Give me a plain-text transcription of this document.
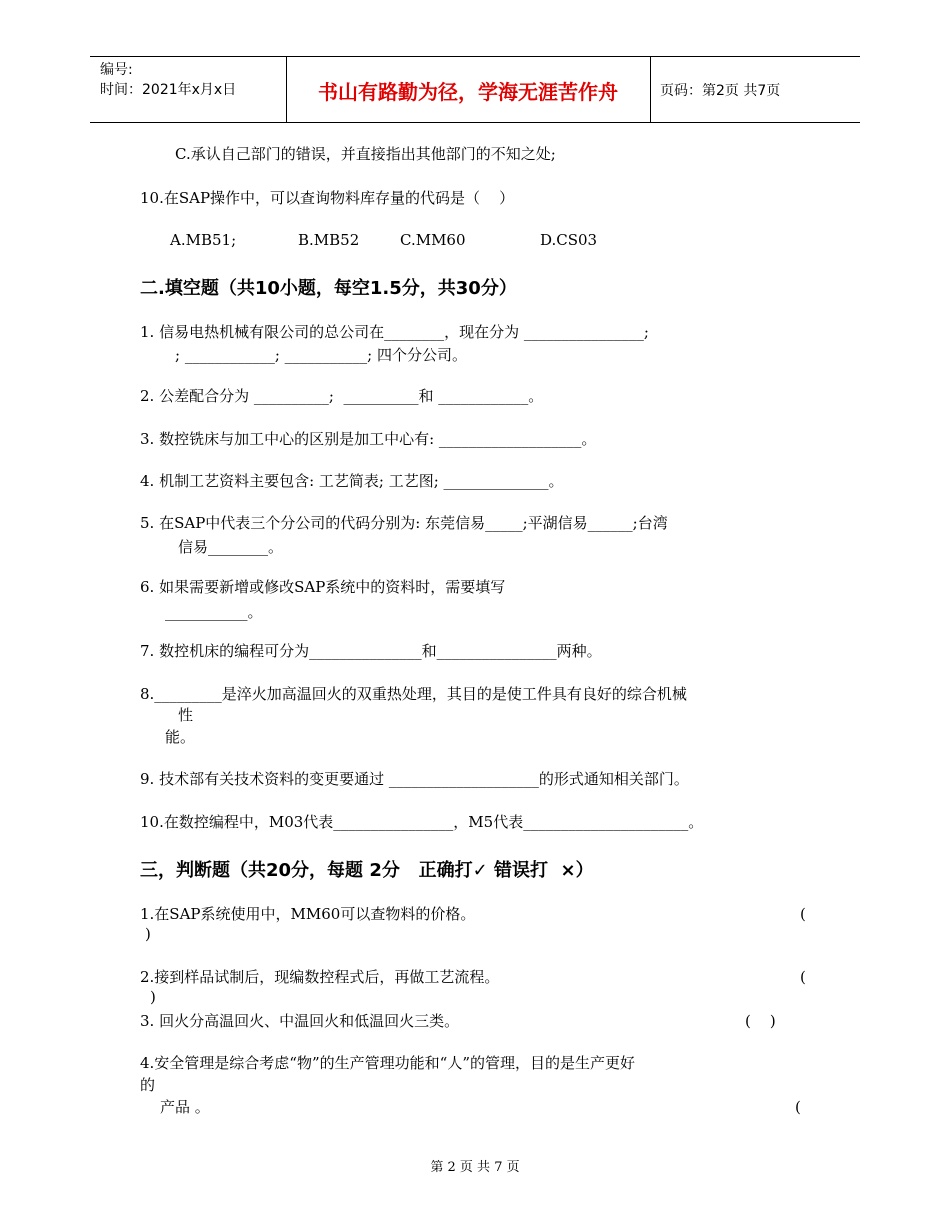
编号:
时间：2021年x月x日	书山有路勤为径，学海无涯苦作舟	页码：第2页 共7页
C.承认自己部门的错误，并直接指出其他部门的不知之处;
10.在SAP操作中，可以查询物料库存量的代码是（    ）
A.MB51;	B.MB52	C.MM60	D.CS03
二.填空题（共10小题，每空1.5分，共30分）
1. 信易电热机械有限公司的总公司在________，现在分为 ________________;
; ____________; ___________; 四个分公司。
2. 公差配合分为 __________;  __________和 ____________。
3. 数控铣床与加工中心的区别是加工中心有: ___________________。
4. 机制工艺资料主要包含: 工艺简表; 工艺图; ______________。
5. 在SAP中代表三个分公司的代码分别为: 东莞信易_____;平湖信易______;台湾
信易________。
6. 如果需要新增或修改SAP系统中的资料时，需要填写
___________。
7. 数控机床的编程可分为_______________和________________两种。
8._________是淬火加高温回火的双重热处理，其目的是使工件具有良好的综合机械
性
能。
9. 技术部有关技术资料的变更要通过 ____________________的形式通知相关部门。
10.在数控编程中，M03代表________________，M5代表______________________。
三，判断题（共20分，每题 2分   正确打✓ 错误打  ×）
1.在SAP系统使用中，MM60可以查物料的价格。	(
)
2.接到样品试制后，现编数控程式后，再做工艺流程。	(
)
3. 回火分高温回火、中温回火和低温回火三类。	(    )
4.安全管理是综合考虑“物”的生产管理功能和“人”的管理，目的是生产更好
的
产品 。	(
第 2 页 共 7 页
